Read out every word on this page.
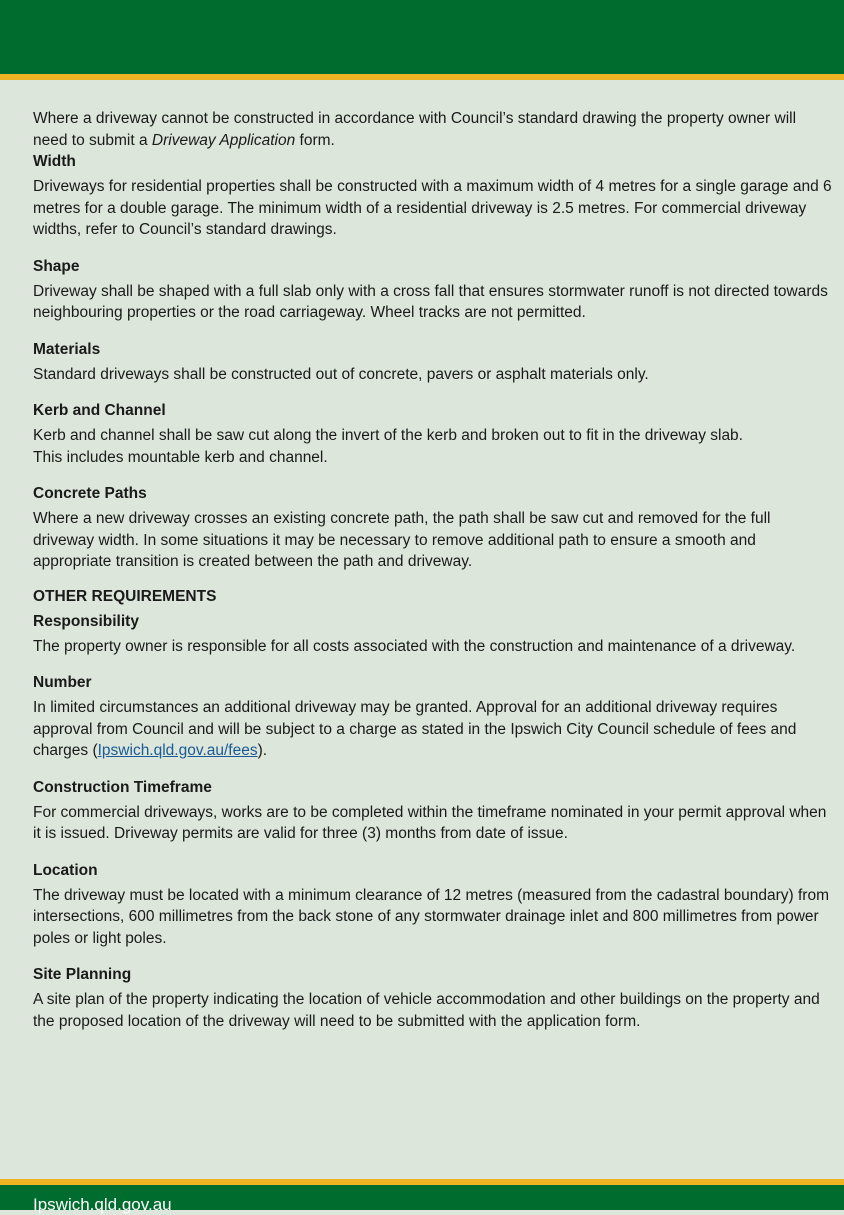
Where a driveway cannot be constructed in accordance with Council’s standard drawing the property owner will need to submit a Driveway Application form.

Width

Driveways for residential properties shall be constructed with a maximum width of 4 metres for a single garage and 6 metres for a double garage. The minimum width of a residential driveway is 2.5 metres. For commercial driveway widths, refer to Council’s standard drawings.

Shape

Driveway shall be shaped with a full slab only with a cross fall that ensures stormwater runoff is not directed towards neighbouring properties or the road carriageway. Wheel tracks are not permitted.

Materials

Standard driveways shall be constructed out of concrete, pavers or asphalt materials only.

Kerb and Channel

Kerb and channel shall be saw cut along the invert of the kerb and broken out to fit in the driveway slab.

This includes mountable kerb and channel.

Concrete Paths

Where a new driveway crosses an existing concrete path, the path shall be saw cut and removed for the full driveway width. In some situations it may be necessary to remove additional path to ensure a smooth and appropriate transition is created between the path and driveway.

OTHER REQUIREMENTS
Responsibility

The property owner is responsible for all costs associated with the construction and maintenance of a driveway.

Number

In limited circumstances an additional driveway may be granted. Approval for an additional driveway requires approval from Council and will be subject to a charge as stated in the Ipswich City Council schedule of fees and charges (Ipswich.qld.gov.au/fees).

Construction Timeframe

For commercial driveways, works are to be completed within the timeframe nominated in your permit approval when it is issued. Driveway permits are valid for three (3) months from date of issue.

Location

The driveway must be located with a minimum clearance of 12 metres (measured from the cadastral boundary) from intersections, 600 millimetres from the back stone of any stormwater drainage inlet and 800 millimetres from power poles or light poles.

Site Planning

A site plan of the property indicating the location of vehicle accommodation and other buildings on the property and the proposed location of the driveway will need to be submitted with the application form.

Ipswich.qld.gov.au
